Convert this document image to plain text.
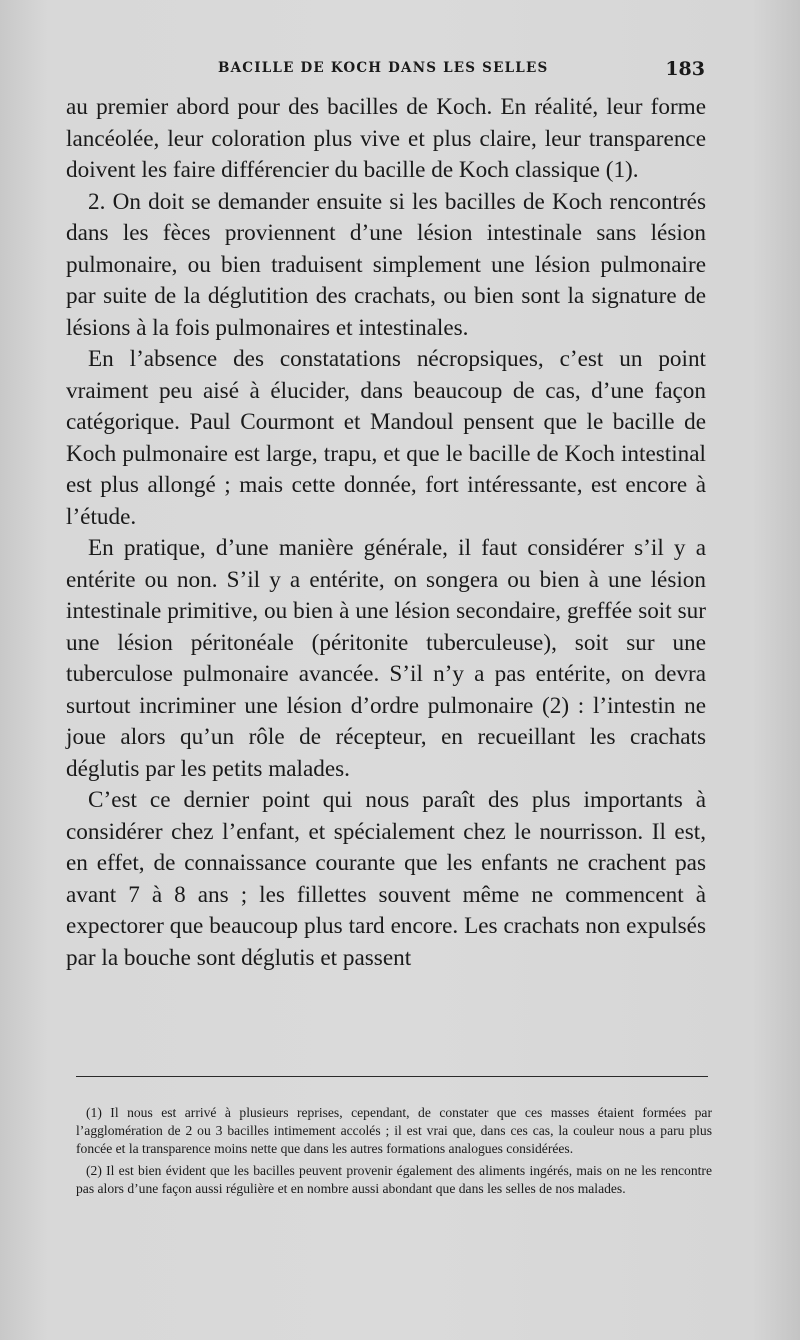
BACILLE DE KOCH DANS LES SELLES	183

au premier abord pour des bacilles de Koch. En réalité, leur forme lancéolée, leur coloration plus vive et plus claire, leur transparence doivent les faire différencier du bacille de Koch classique (1).

2. On doit se demander ensuite si les bacilles de Koch rencontrés dans les fèces proviennent d’une lésion intestinale sans lésion pulmonaire, ou bien traduisent simplement une lésion pulmonaire par suite de la déglutition des crachats, ou bien sont la signature de lésions à la fois pulmonaires et intestinales.

En l’absence des constatations nécropsiques, c’est un point vraiment peu aisé à élucider, dans beaucoup de cas, d’une façon catégorique. Paul Courmont et Mandoul pensent que le bacille de Koch pulmonaire est large, trapu, et que le bacille de Koch intestinal est plus allongé ; mais cette donnée, fort intéressante, est encore à l’étude.

En pratique, d’une manière générale, il faut considérer s’il y a entérite ou non. S’il y a entérite, on songera ou bien à une lésion intestinale primitive, ou bien à une lésion secondaire, greffée soit sur une lésion péritonéale (péritonite tuberculeuse), soit sur une tuberculose pulmonaire avancée. S’il n’y a pas entérite, on devra surtout incriminer une lésion d’ordre pulmonaire (2) : l’intestin ne joue alors qu’un rôle de récepteur, en recueillant les crachats déglutis par les petits malades.

C’est ce dernier point qui nous paraît des plus importants à considérer chez l’enfant, et spécialement chez le nourrisson. Il est, en effet, de connaissance courante que les enfants ne crachent pas avant 7 à 8 ans ; les fillettes souvent même ne commencent à expectorer que beaucoup plus tard encore. Les crachats non expulsés par la bouche sont déglutis et passent

(1) Il nous est arrivé à plusieurs reprises, cependant, de constater que ces masses étaient formées par l’agglomération de 2 ou 3 bacilles intimement accolés ; il est vrai que, dans ces cas, la couleur nous a paru plus foncée et la transparence moins nette que dans les autres formations analogues considérées.

(2) Il est bien évident que les bacilles peuvent provenir également des aliments ingérés, mais on ne les rencontre pas alors d’une façon aussi régulière et en nombre aussi abondant que dans les selles de nos malades.
